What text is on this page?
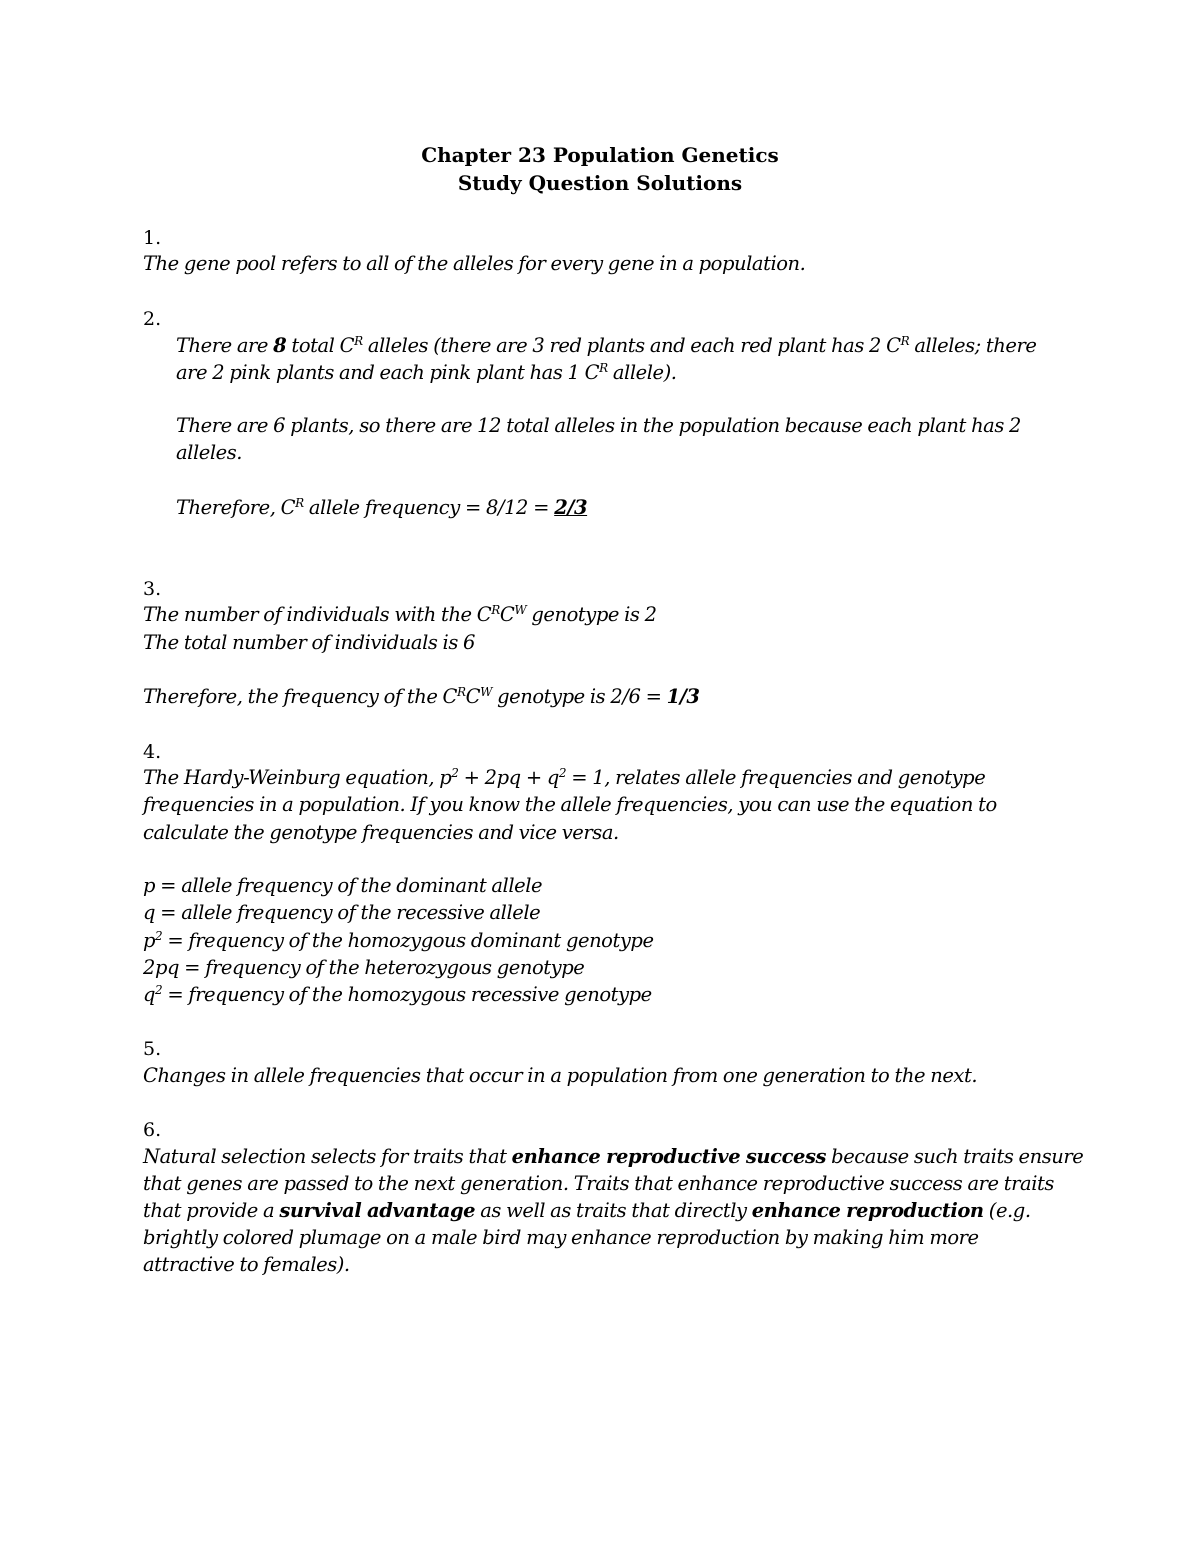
Chapter 23 Population Genetics
Study Question Solutions
1.
The gene pool refers to all of the alleles for every gene in a population.
2.
There are 8 total $C^R$ alleles (there are 3 red plants and each red plant has 2 $C^R$ alleles; there
are 2 pink plants and each pink plant has 1 $C^R$ allele).
There are 6 plants, so there are 12 total alleles in the population because each plant has 2
alleles.
Therefore, $C^R$ allele frequency = 8/12 = 2/3
3.
The number of individuals with the $C^RC^W$ genotype is 2
The total number of individuals is 6
Therefore, the frequency of the $C^RC^W$ genotype is 2/6 = 1/3
4.
The Hardy-Weinburg equation, $p^2 + 2pq + q^2 = 1$, relates allele frequencies and genotype
frequencies in a population. If you know the allele frequencies, you can use the equation to
calculate the genotype frequencies and vice versa.
p = allele frequency of the dominant allele
q = allele frequency of the recessive allele
$p^2$ = frequency of the homozygous dominant genotype
2pq = frequency of the heterozygous genotype
$q^2$ = frequency of the homozygous recessive genotype
5.
Changes in allele frequencies that occur in a population from one generation to the next.
6.
Natural selection selects for traits that enhance reproductive success because such traits ensure
that genes are passed to the next generation. Traits that enhance reproductive success are traits
that provide a survival advantage as well as traits that directly enhance reproduction (e.g.
brightly colored plumage on a male bird may enhance reproduction by making him more
attractive to females).
